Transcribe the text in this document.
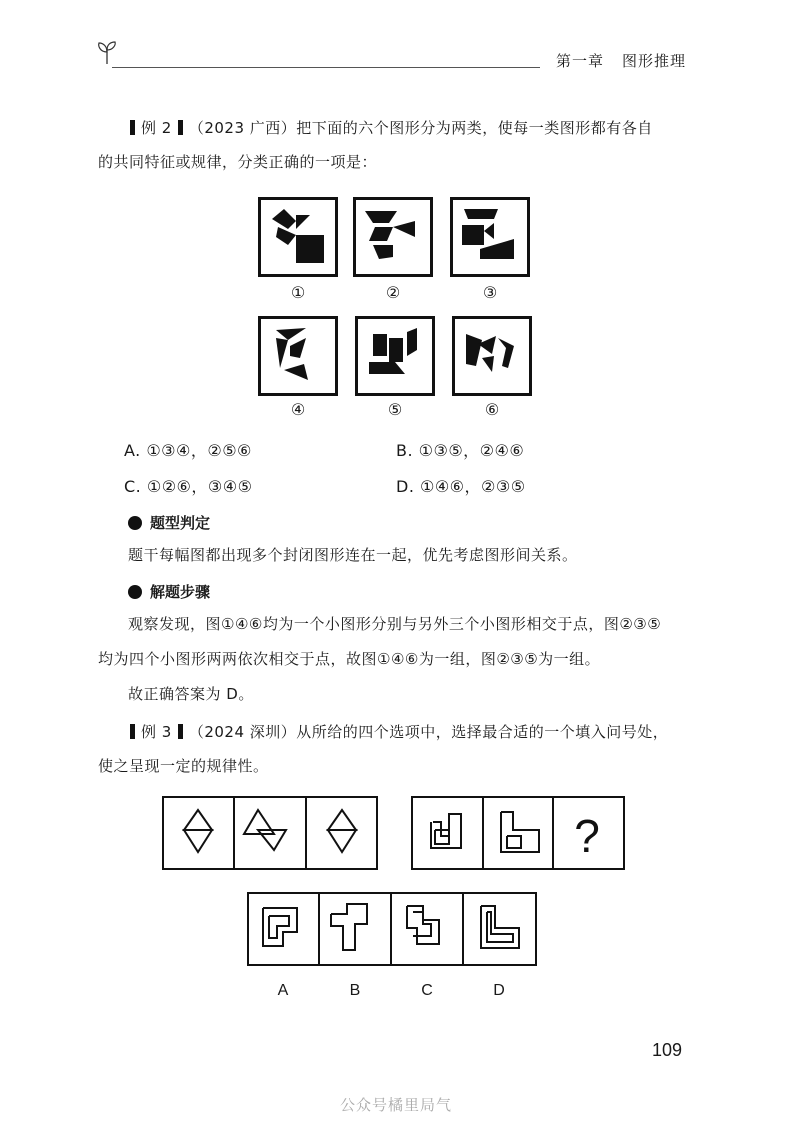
第一章 图形推理
例 2 （2023 广西）把下面的六个图形分为两类，使每一类图形都有各自
的共同特征或规律，分类正确的一项是：
①	②	③
④	⑤	⑥
A. ①③④，②⑤⑥	B. ①③⑤，②④⑥
C. ①②⑥，③④⑤	D. ①④⑥，②③⑤
题型判定
题干每幅图都出现多个封闭图形连在一起，优先考虑图形间关系。
解题步骤
观察发现，图①④⑥均为一个小图形分别与另外三个小图形相交于点，图②③⑤
均为四个小图形两两依次相交于点，故图①④⑥为一组，图②③⑤为一组。
故正确答案为 D。
例 3 （2024 深圳）从所给的四个选项中，选择最合适的一个填入问号处，
使之呈现一定的规律性。
?
A	B	C	D
109
公众号橘里局气
